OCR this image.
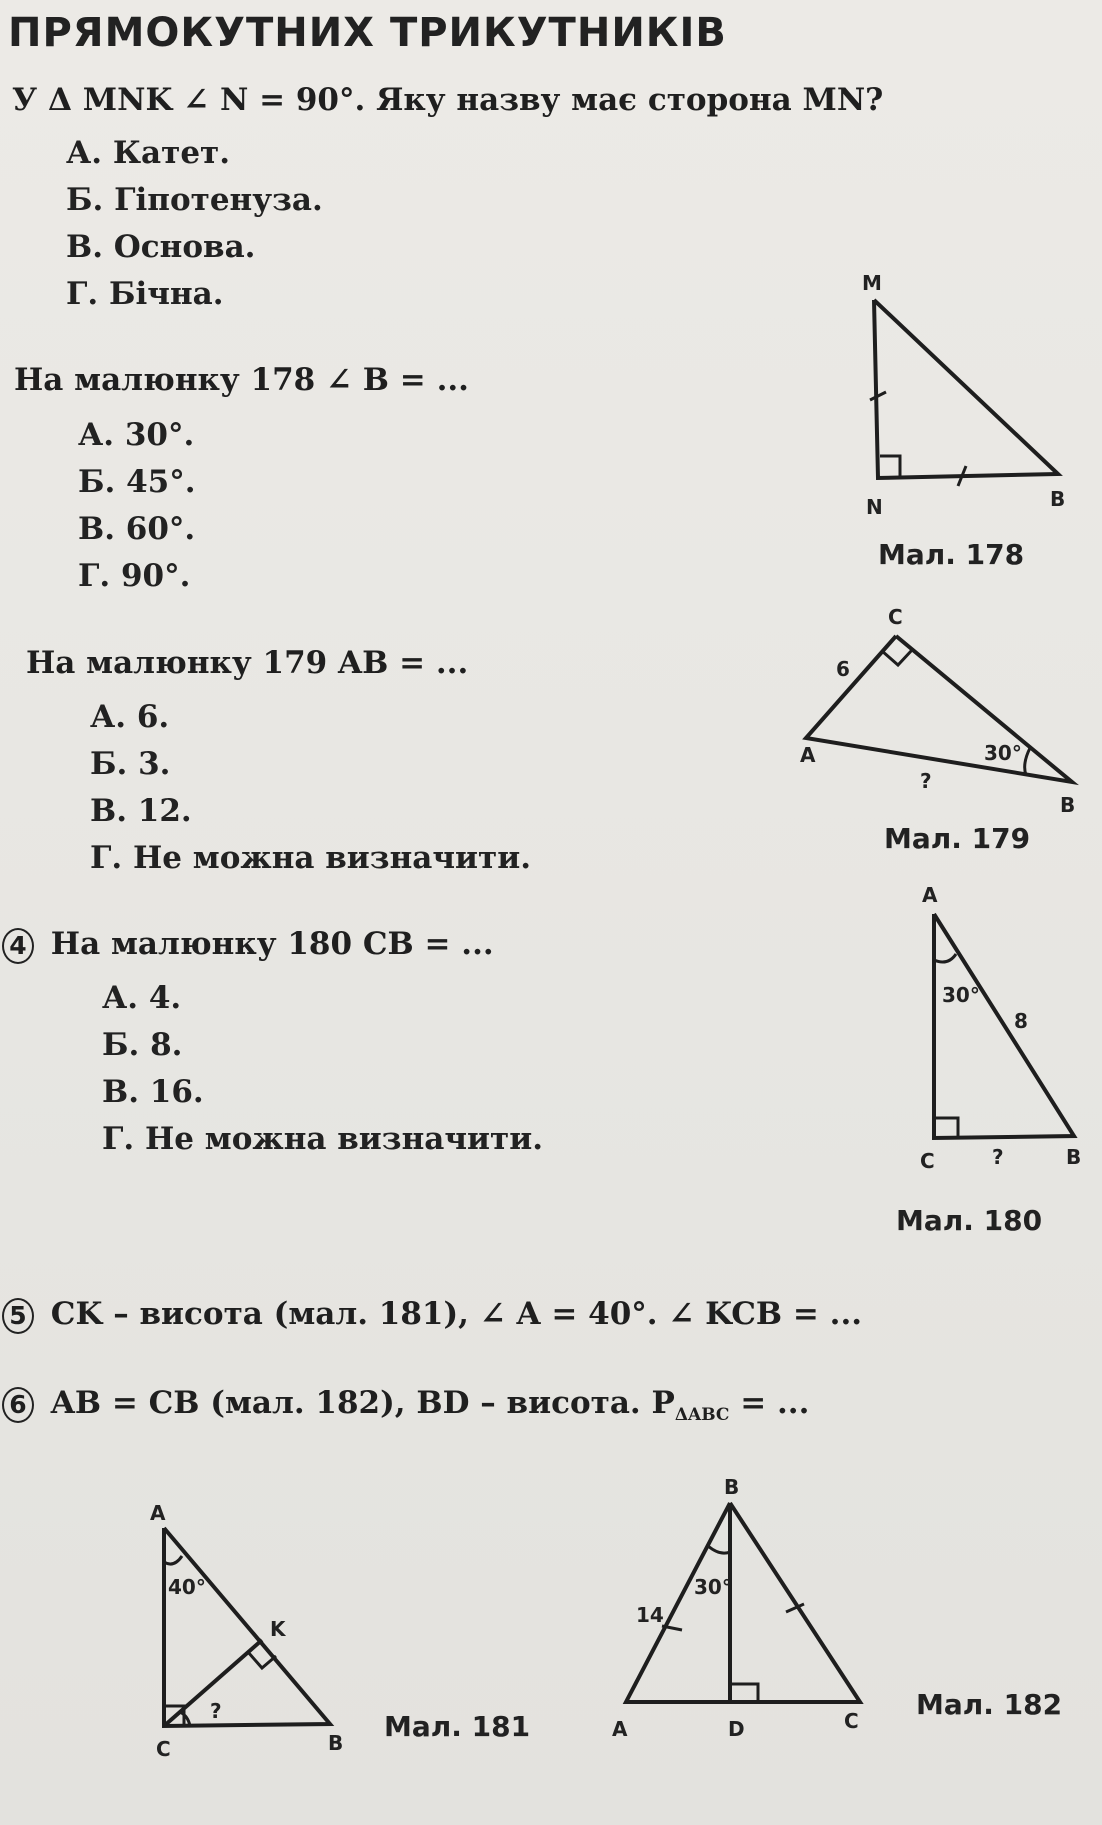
ПРЯМОКУТНИХ ТРИКУТНИКІВ
У Δ MNK ∠ N = 90°. Яку назву має сторона MN?
А. Катет.
Б. Гіпотенуза.
В. Основа.
Г. Бічна.
На малюнку 178 ∠ B = ...
А. 30°.
Б. 45°.
В. 60°.
Г. 90°.
На малюнку 179 AB = ...
А. 6.
Б. 3.
В. 12.
Г. Не можна визначити.
4 На малюнку 180 CB = ...
А. 4.
Б. 8.
В. 16.
Г. Не можна визначити.
5 CK – висота (мал. 181), ∠ A = 40°. ∠ KCB = ...
6 AB = CB (мал. 182), BD – висота. $P_{\Delta ABC}$ = ...
M
N	B
C
A
B
6
30°
?
A
C	B
30°
8
?
A
C	B
K
40°
?
B
A	D	C
30°
14
Мал. 178
Мал. 179
Мал. 180
Мал. 181
Мал. 182
